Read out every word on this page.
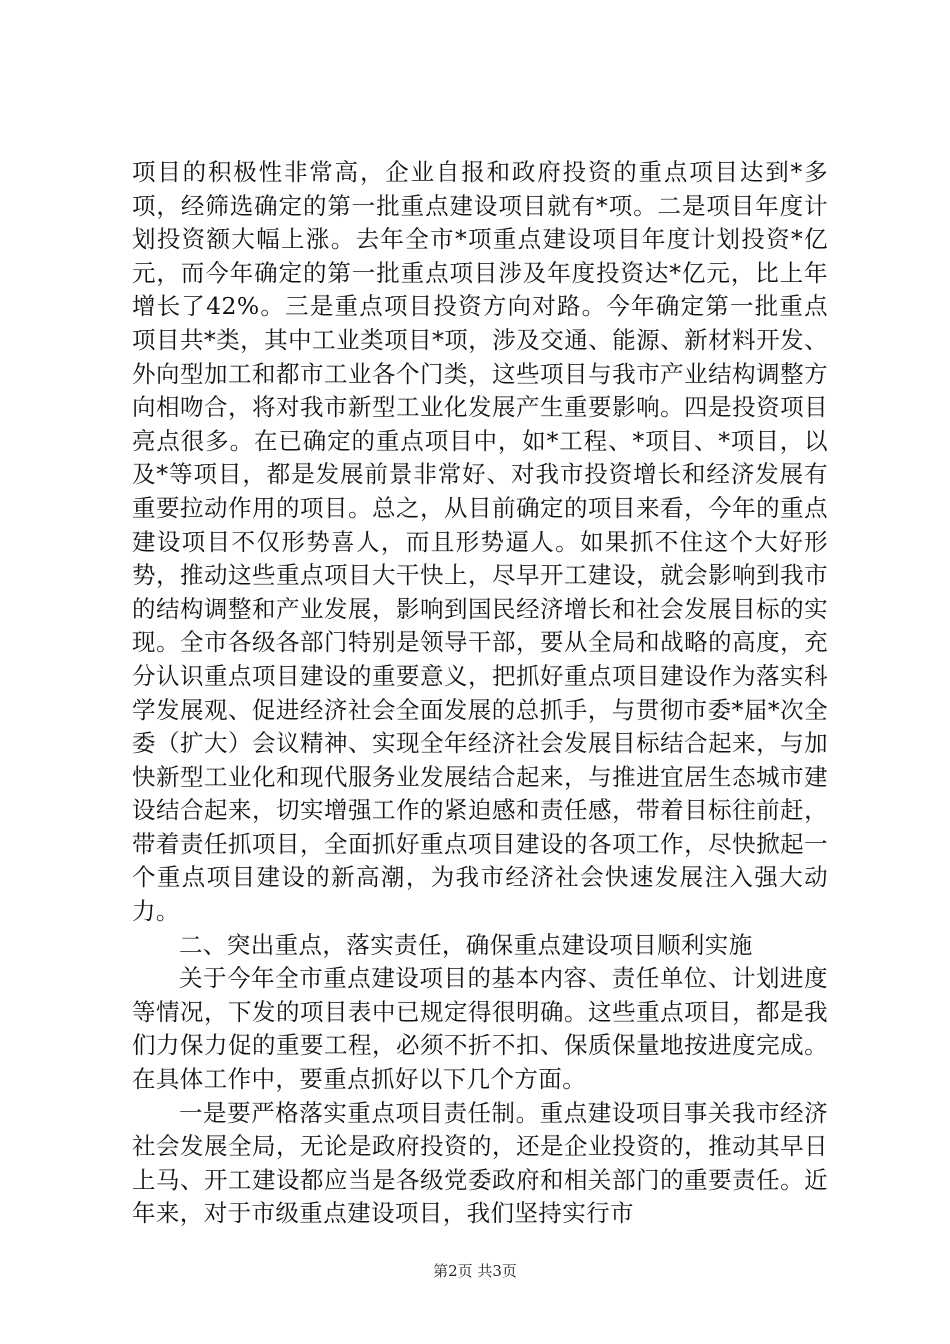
项目的积极性非常高，企业自报和政府投资的重点项目达到*多项，经筛选确定的第一批重点建设项目就有*项。二是项目年度计划投资额大幅上涨。去年全市*项重点建设项目年度计划投资*亿元，而今年确定的第一批重点项目涉及年度投资达*亿元，比上年增长了42%。三是重点项目投资方向对路。今年确定第一批重点项目共*类，其中工业类项目*项，涉及交通、能源、新材料开发、外向型加工和都市工业各个门类，这些项目与我市产业结构调整方向相吻合，将对我市新型工业化发展产生重要影响。四是投资项目亮点很多。在已确定的重点项目中，如*工程、*项目、*项目，以及*等项目，都是发展前景非常好、对我市投资增长和经济发展有重要拉动作用的项目。总之，从目前确定的项目来看，今年的重点建设项目不仅形势喜人，而且形势逼人。如果抓不住这个大好形势，推动这些重点项目大干快上，尽早开工建设，就会影响到我市的结构调整和产业发展，影响到国民经济增长和社会发展目标的实现。全市各级各部门特别是领导干部，要从全局和战略的高度，充分认识重点项目建设的重要意义，把抓好重点项目建设作为落实科学发展观、促进经济社会全面发展的总抓手，与贯彻市委*届*次全委（扩大）会议精神、实现全年经济社会发展目标结合起来，与加快新型工业化和现代服务业发展结合起来，与推进宜居生态城市建设结合起来，切实增强工作的紧迫感和责任感，带着目标往前赶，带着责任抓项目，全面抓好重点项目建设的各项工作，尽快掀起一个重点项目建设的新高潮，为我市经济社会快速发展注入强大动力。

二、突出重点，落实责任，确保重点建设项目顺利实施

关于今年全市重点建设项目的基本内容、责任单位、计划进度等情况，下发的项目表中已规定得很明确。这些重点项目，都是我们力保力促的重要工程，必须不折不扣、保质保量地按进度完成。在具体工作中，要重点抓好以下几个方面。

一是要严格落实重点项目责任制。重点建设项目事关我市经济社会发展全局，无论是政府投资的，还是企业投资的，推动其早日上马、开工建设都应当是各级党委政府和相关部门的重要责任。近年来，对于市级重点建设项目，我们坚持实行市

第2页 共3页
